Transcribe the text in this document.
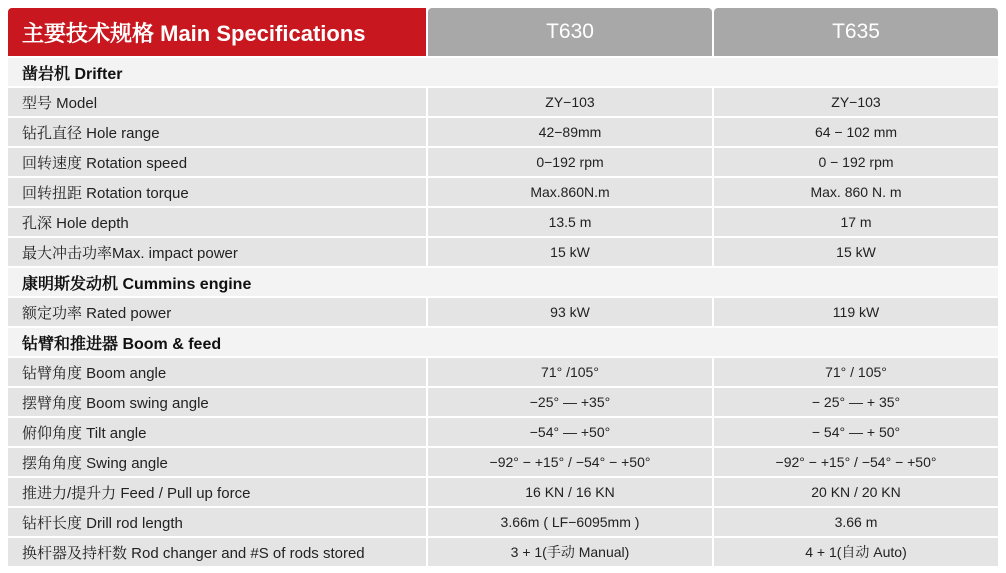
主要技术规格 Main Specifications	T630	T635
凿岩机 Drifter
型号 Model	ZY−103	ZY−103
钻孔直径 Hole range	42−89mm	64 − 102 mm
回转速度 Rotation speed	0−192 rpm	0 − 192 rpm
回转扭距 Rotation torque	Max.860N.m	Max. 860 N. m
孔深 Hole depth	13.5 m	17 m
最大冲击功率Max. impact power	15 kW	15 kW
康明斯发动机 Cummins engine
额定功率 Rated power	93 kW	119 kW
钻臂和推进器 Boom & feed
钻臂角度 Boom angle	71° /105°	71° / 105°
摆臂角度 Boom swing angle	−25° — +35°	− 25° — + 35°
俯仰角度 Tilt angle	−54° — +50°	− 54° — + 50°
摆角角度 Swing angle	−92° − +15° / −54° − +50°	−92° − +15° / −54° − +50°
推进力/提升力 Feed / Pull up force	16 KN / 16 KN	20 KN / 20 KN
钻杆长度 Drill rod length	3.66m ( LF−6095mm )	3.66 m
换杆器及持杆数 Rod changer and #S of rods stored	3 + 1(手动 Manual)	4 + 1(自动 Auto)
